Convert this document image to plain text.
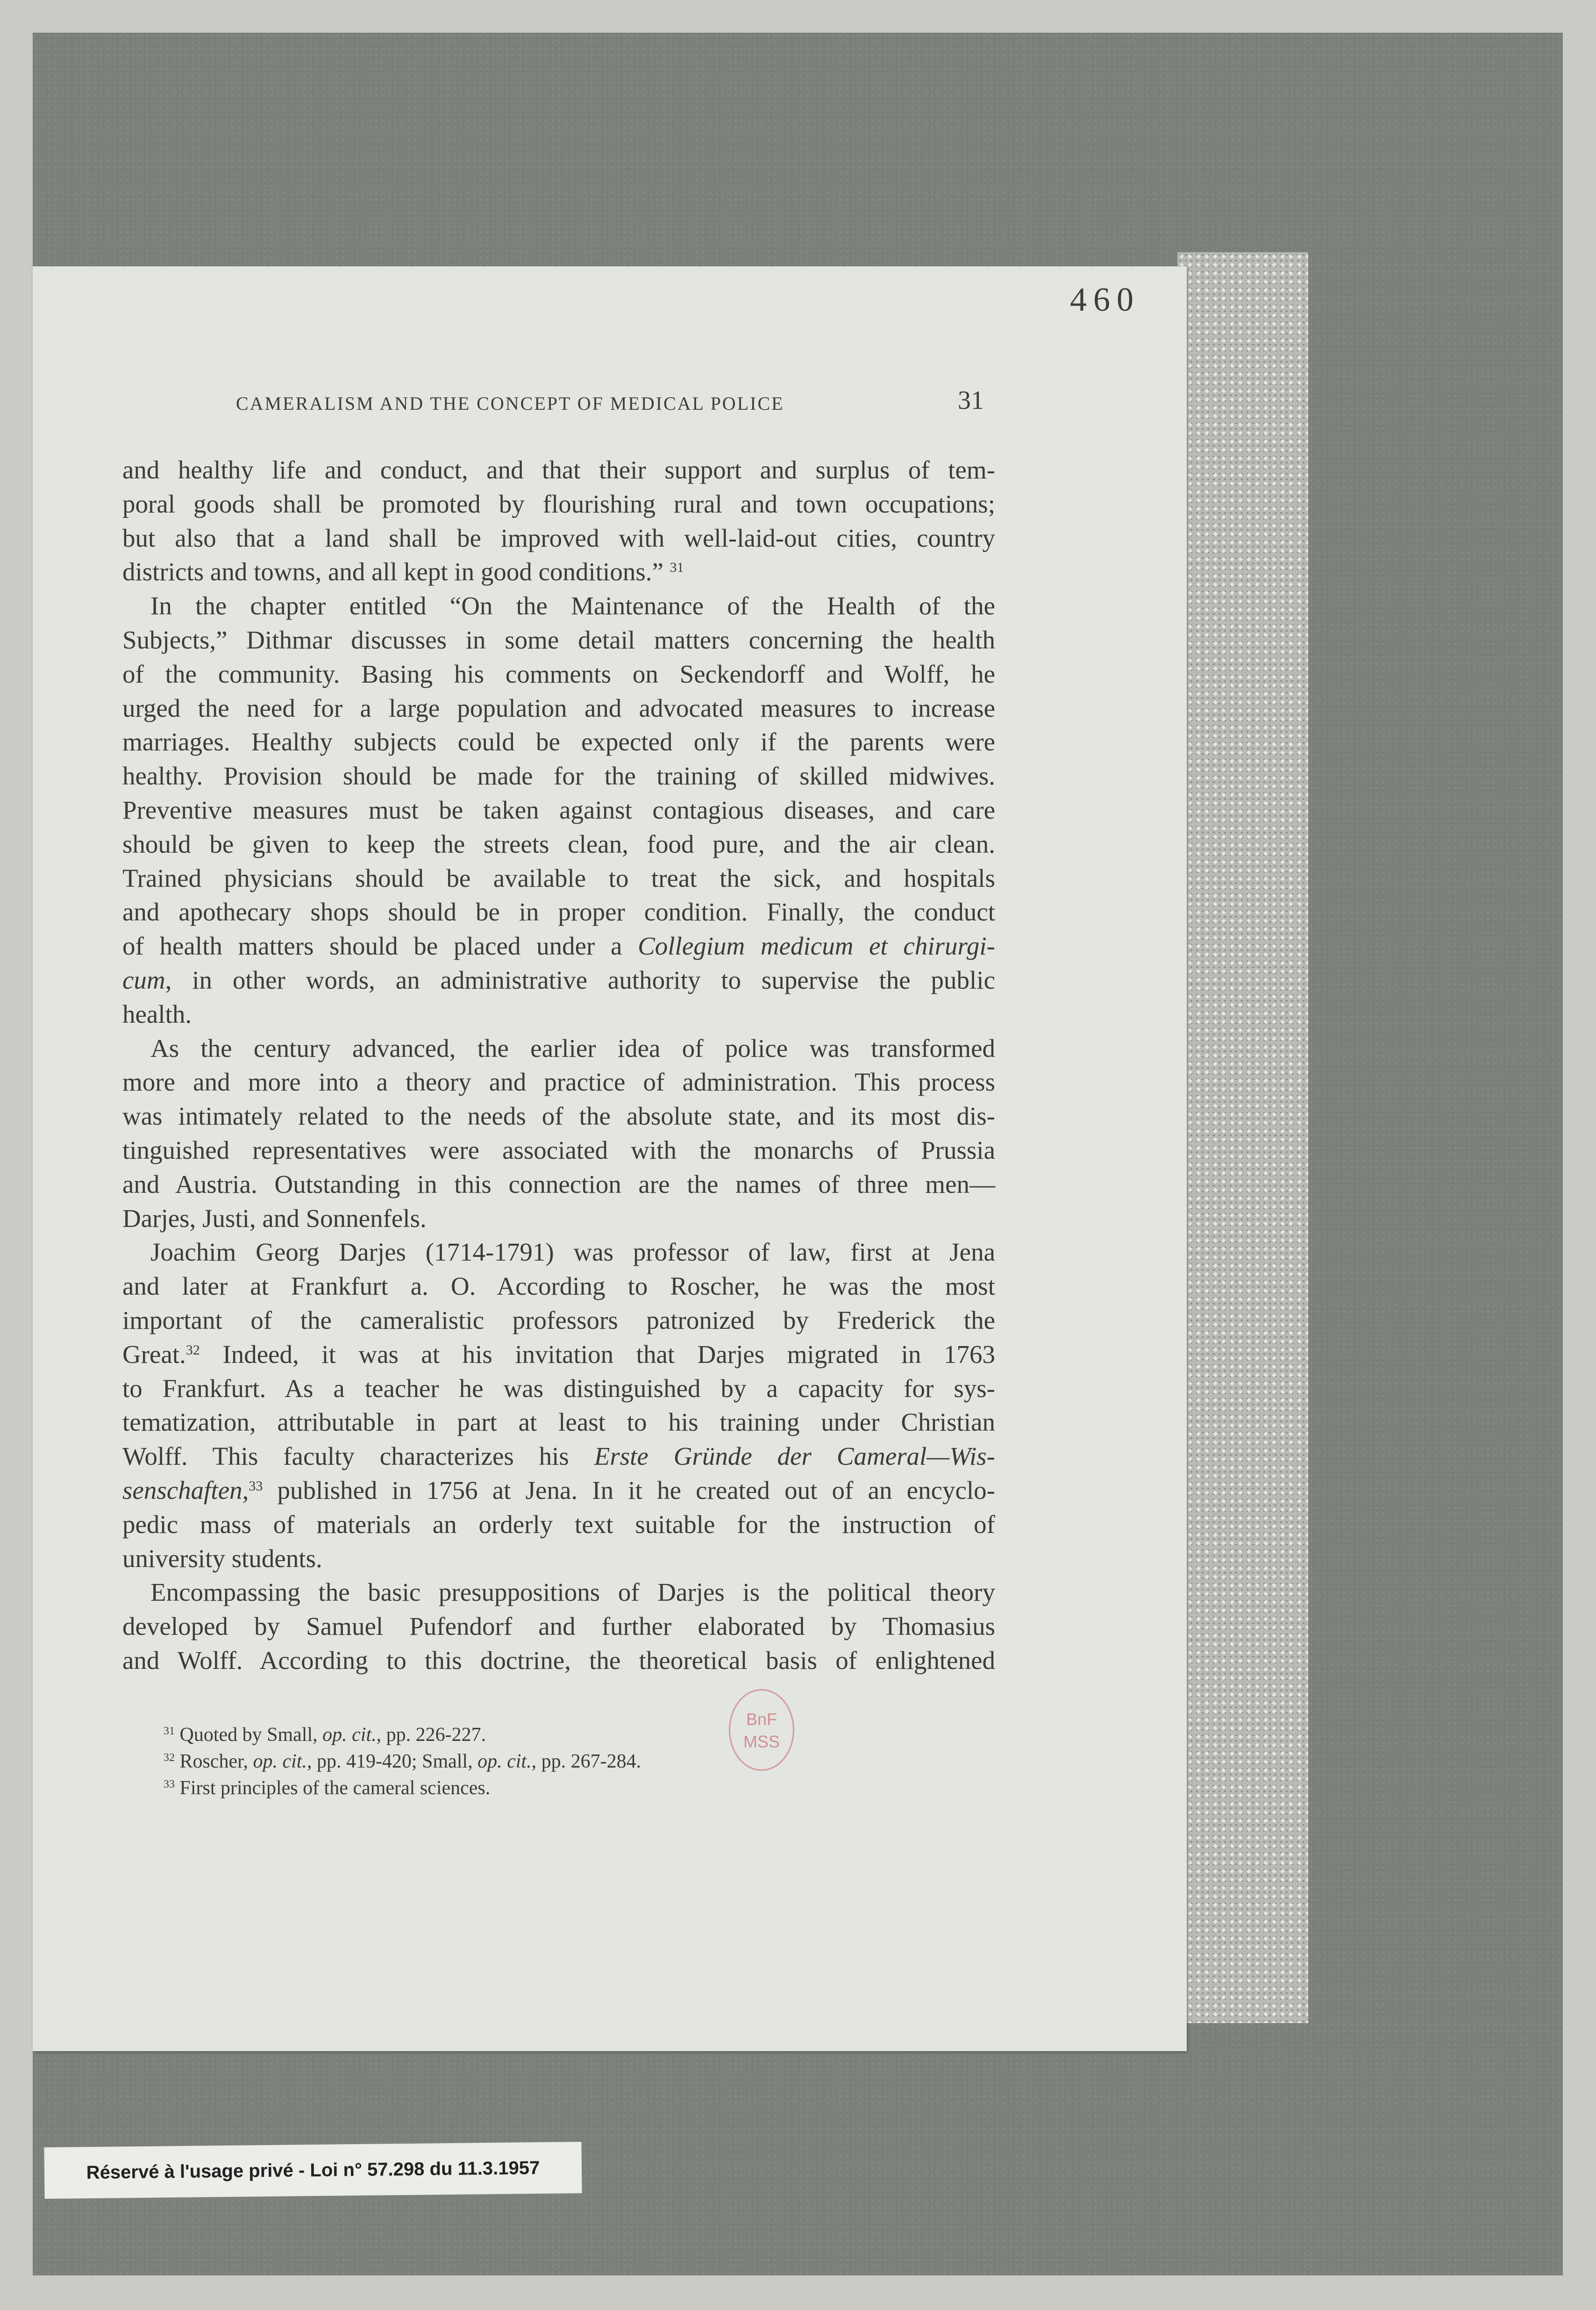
460
CAMERALISM AND THE CONCEPT OF MEDICAL POLICE	31
and healthy life and conduct, and that their support and surplus of tem-
poral goods shall be promoted by flourishing rural and town occupations;
but also that a land shall be improved with well-laid-out cities, country
districts and towns, and all kept in good conditions.” $^{31}$
In the chapter entitled “On the Maintenance of the Health of the
Subjects,” Dithmar discusses in some detail matters concerning the health
of the community. Basing his comments on Seckendorff and Wolff, he
urged the need for a large population and advocated measures to increase
marriages. Healthy subjects could be expected only if the parents were
healthy. Provision should be made for the training of skilled midwives.
Preventive measures must be taken against contagious diseases, and care
should be given to keep the streets clean, food pure, and the air clean.
Trained physicians should be available to treat the sick, and hospitals
and apothecary shops should be in proper condition. Finally, the conduct
of health matters should be placed under a Collegium medicum et chirurgi-
cum, in other words, an administrative authority to supervise the public
health.
As the century advanced, the earlier idea of police was transformed
more and more into a theory and practice of administration. This process
was intimately related to the needs of the absolute state, and its most dis-
tinguished representatives were associated with the monarchs of Prussia
and Austria. Outstanding in this connection are the names of three men—
Darjes, Justi, and Sonnenfels.
Joachim Georg Darjes (1714-1791) was professor of law, first at Jena
and later at Frankfurt a. O. According to Roscher, he was the most
important of the cameralistic professors patronized by Frederick the
Great.$^{32}$ Indeed, it was at his invitation that Darjes migrated in 1763
to Frankfurt. As a teacher he was distinguished by a capacity for sys-
tematization, attributable in part at least to his training under Christian
Wolff. This faculty characterizes his Erste Gründe der Cameral—Wis-
senschaften,$^{33}$ published in 1756 at Jena. In it he created out of an encyclo-
pedic mass of materials an orderly text suitable for the instruction of
university students.
Encompassing the basic presuppositions of Darjes is the political theory
developed by Samuel Pufendorf and further elaborated by Thomasius
and Wolff. According to this doctrine, the theoretical basis of enlightened
$^{31}$ Quoted by Small, op. cit., pp. 226-227.
$^{32}$ Roscher, op. cit., pp. 419-420; Small, op. cit., pp. 267-284.
$^{33}$ First principles of the cameral sciences.
BnF
MSS
Réservé à l'usage privé - Loi n° 57.298 du 11.3.1957
